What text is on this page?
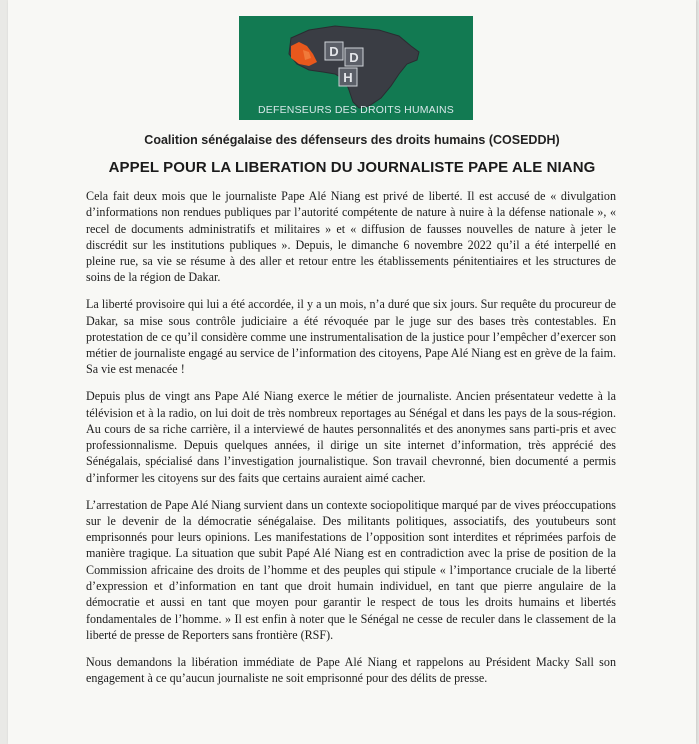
D D
H
DEFENSEURS DES DROITS HUMAINS
Coalition sénégalaise des défenseurs des droits humains (COSEDDH)
APPEL POUR LA LIBERATION DU JOURNALISTE PAPE ALE NIANG

Cela fait deux mois que le journaliste Pape Alé Niang est privé de liberté. Il est accusé de « divulgation d’informations non rendues publiques par l’autorité compétente de nature à nuire à la défense nationale », « recel de documents administratifs et militaires » et « diffusion de fausses nouvelles de nature à jeter le discrédit sur les institutions publiques ». Depuis, le dimanche 6 novembre 2022 qu’il a été interpellé en pleine rue, sa vie se résume à des aller et retour entre les établissements pénitentiaires et les structures de soins de la région de Dakar.

La liberté provisoire qui lui a été accordée, il y a un mois, n’a duré que six jours. Sur requête du procureur de Dakar, sa mise sous contrôle judiciaire a été révoquée par le juge sur des bases très contestables. En protestation de ce qu’il considère comme une instrumentalisation de la justice pour l’empêcher d’exercer son métier de journaliste engagé au service de l’information des citoyens, Pape Alé Niang est en grève de la faim. Sa vie est menacée !

Depuis plus de vingt ans Pape Alé Niang exerce le métier de journaliste. Ancien présentateur vedette à la télévision et à la radio, on lui doit de très nombreux reportages au Sénégal et dans les pays de la sous-région. Au cours de sa riche carrière, il a interviewé de hautes personnalités et des anonymes sans parti-pris et avec professionnalisme. Depuis quelques années, il dirige un site internet d’information, très apprécié des Sénégalais, spécialisé dans l’investigation journalistique. Son travail chevronné, bien documenté a permis d’informer les citoyens sur des faits que certains auraient aimé cacher.

L’arrestation de Pape Alé Niang survient dans un contexte sociopolitique marqué par de vives préoccupations sur le devenir de la démocratie sénégalaise. Des militants politiques, associatifs, des youtubeurs sont emprisonnés pour leurs opinions. Les manifestations de l’opposition sont interdites et réprimées parfois de manière tragique. La situation que subit Papé Alé Niang est en contradiction avec la prise de position de la Commission africaine des droits de l’homme et des peuples qui stipule « l’importance cruciale de la liberté d’expression et d’information en tant que droit humain individuel, en tant que pierre angulaire de la démocratie et aussi en tant que moyen pour garantir le respect de tous les droits humains et libertés fondamentales de l’homme. » Il est enfin à noter que le Sénégal ne cesse de reculer dans le classement de la liberté de presse de Reporters sans frontière (RSF).

Nous demandons la libération immédiate de Pape Alé Niang et rappelons au Président Macky Sall son engagement à ce qu’aucun journaliste ne soit emprisonné pour des délits de presse.
